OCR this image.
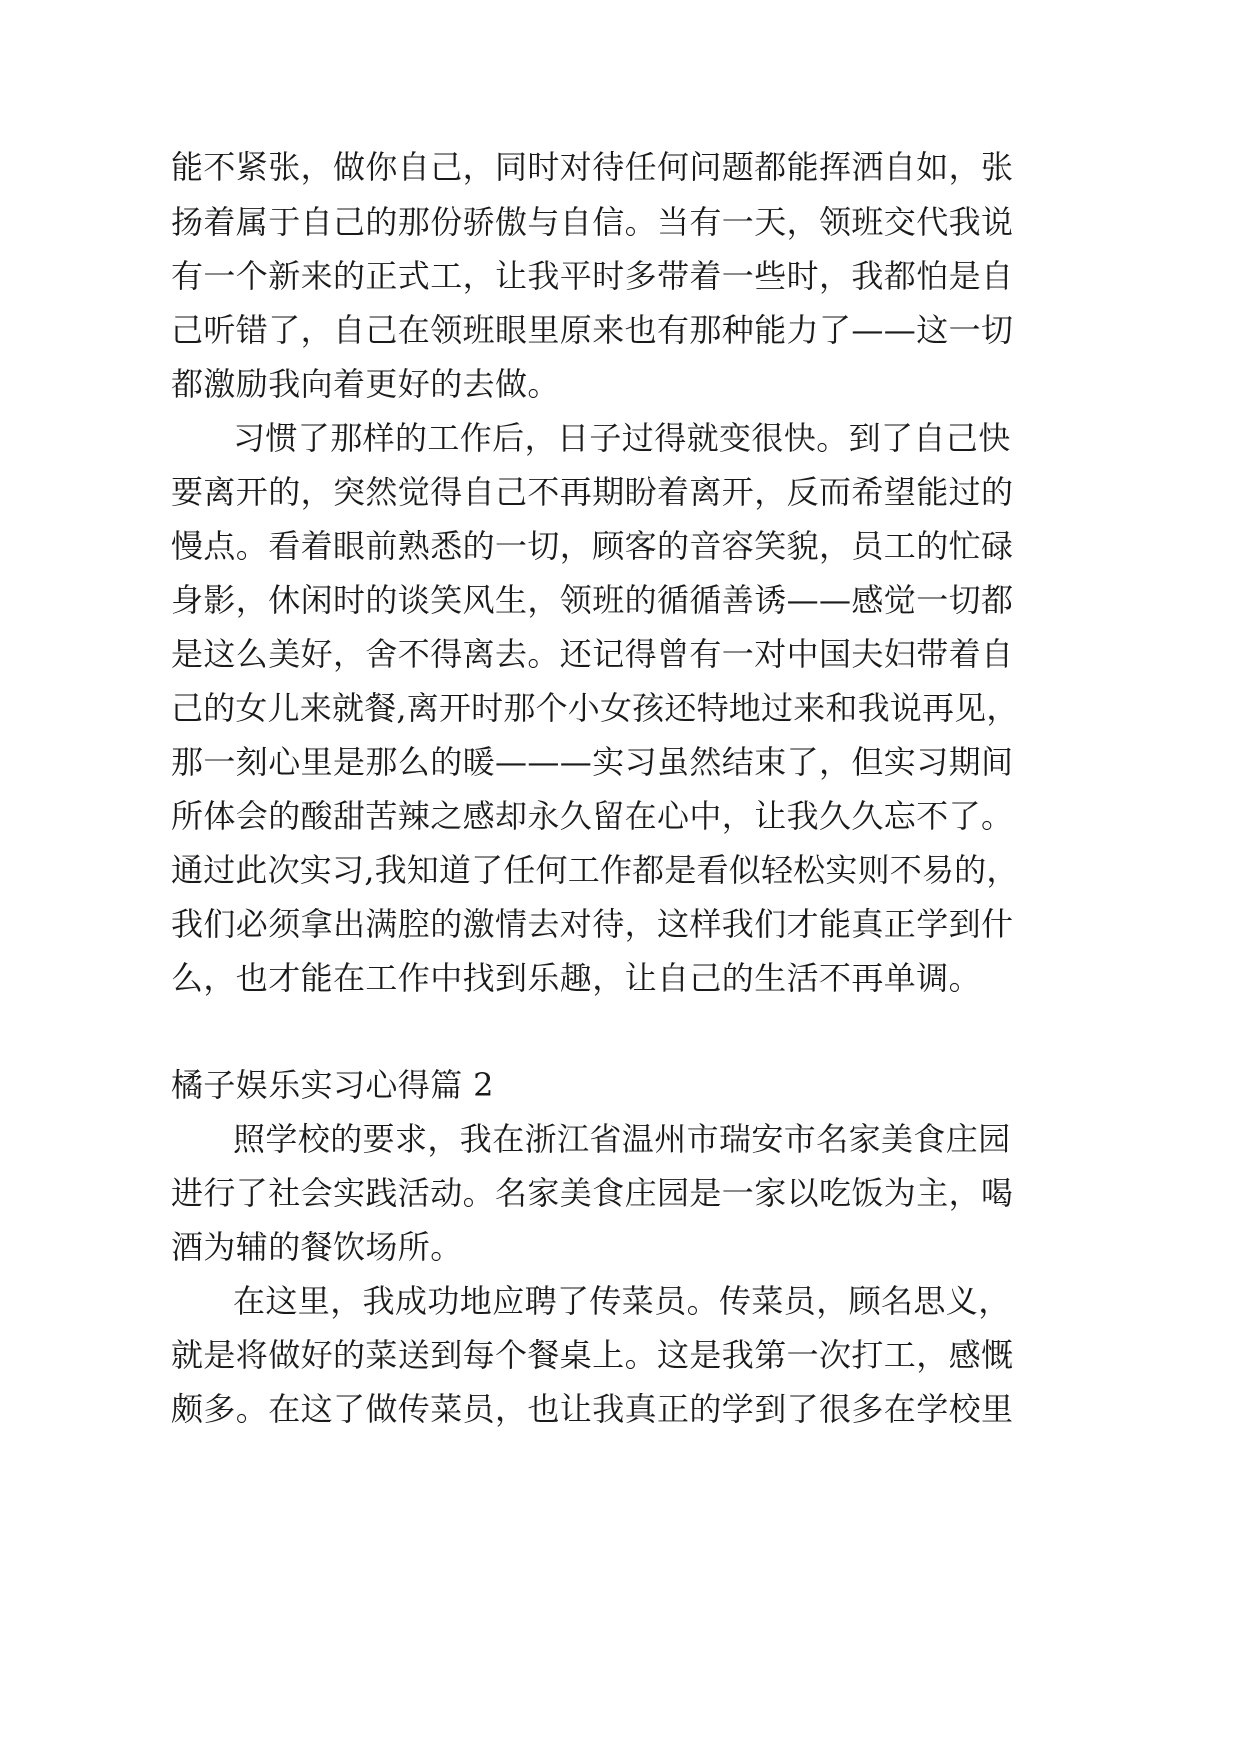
能不紧张，做你自己，同时对待任何问题都能挥洒自如，张
扬着属于自己的那份骄傲与自信。当有一天，领班交代我说
有一个新来的正式工，让我平时多带着一些时，我都怕是自
己听错了，自己在领班眼里原来也有那种能力了——这一切
都激励我向着更好的去做。
习惯了那样的工作后，日子过得就变很快。到了自己快
要离开的，突然觉得自己不再期盼着离开，反而希望能过的
慢点。看着眼前熟悉的一切，顾客的音容笑貌，员工的忙碌
身影，休闲时的谈笑风生，领班的循循善诱——感觉一切都
是这么美好，舍不得离去。还记得曾有一对中国夫妇带着自
己的女儿来就餐,离开时那个小女孩还特地过来和我说再见，
那一刻心里是那么的暖———实习虽然结束了，但实习期间
所体会的酸甜苦辣之感却永久留在心中，让我久久忘不了。
通过此次实习,我知道了任何工作都是看似轻松实则不易的，
我们必须拿出满腔的激情去对待，这样我们才能真正学到什
么，也才能在工作中找到乐趣，让自己的生活不再单调。
橘子娱乐实习心得篇 2
照学校的要求，我在浙江省温州市瑞安市名家美食庄园
进行了社会实践活动。名家美食庄园是一家以吃饭为主，喝
酒为辅的餐饮场所。
在这里，我成功地应聘了传菜员。传菜员，顾名思义，
就是将做好的菜送到每个餐桌上。这是我第一次打工，感慨
颇多。在这了做传菜员，也让我真正的学到了很多在学校里
